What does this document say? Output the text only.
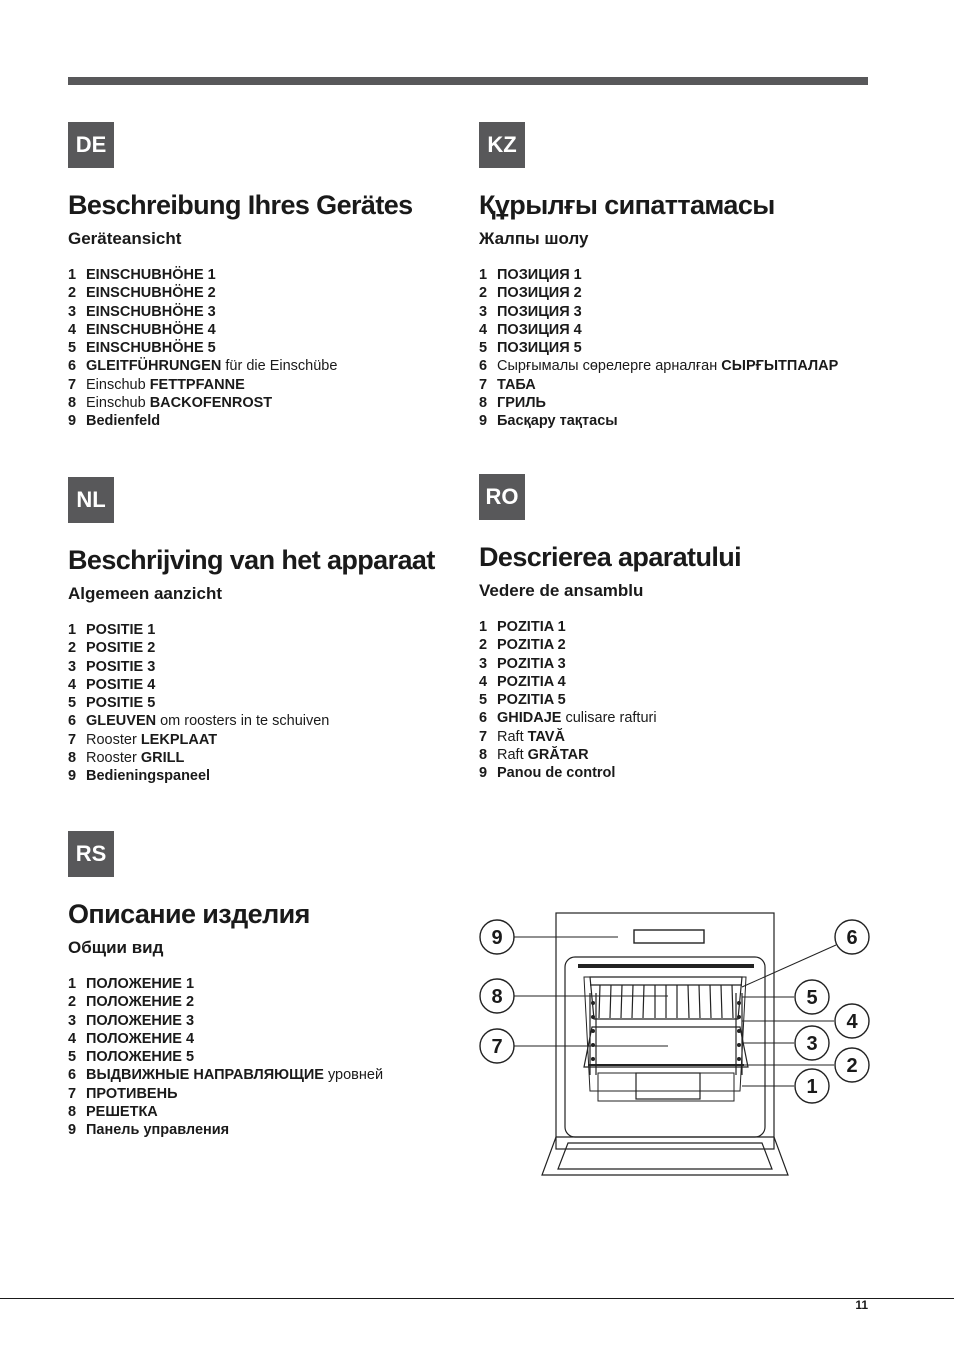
DE
Beschreibung Ihres Gerätes
Geräteansicht
1 EINSCHUBHÖHE 1
2 EINSCHUBHÖHE 2
3 EINSCHUBHÖHE 3
4 EINSCHUBHÖHE 4
5 EINSCHUBHÖHE 5
6 GLEITFÜHRUNGEN für die Einschübe
7 Einschub FETTPFANNE
8 Einschub BACKOFENROST
9 Bedienfeld
KZ
Құрылғы сипаттамасы
Жалпы шолу
1 ПОЗИЦИЯ 1
2 ПОЗИЦИЯ 2
3 ПОЗИЦИЯ 3
4 ПОЗИЦИЯ 4
5 ПОЗИЦИЯ 5
6 Сырғымалы сөрелерге арналған СЫРҒЫТПАЛАР
7 ТАБА
8 ГРИЛЬ
9 Басқару тақтасы
NL
Beschrijving van het apparaat
Algemeen aanzicht
1 POSITIE 1
2 POSITIE 2
3 POSITIE 3
4 POSITIE 4
5 POSITIE 5
6 GLEUVEN om roosters in te schuiven
7 Rooster LEKPLAAT
8 Rooster GRILL
9 Bedieningspaneel
RO
Descrierea aparatului
Vedere de ansamblu
1 POZITIA 1
2 POZITIA 2
3 POZITIA 3
4 POZITIA 4
5 POZITIA 5
6 GHIDAJE culisare rafturi
7 Raft TAVĂ
8 Raft GRĂTAR
9 Panou de control
RS
Описание изделия
Общии вид
1 ПОЛОЖЕНИЕ 1
2 ПОЛОЖЕНИЕ 2
3 ПОЛОЖЕНИЕ 3
4 ПОЛОЖЕНИЕ 4
5 ПОЛОЖЕНИЕ 5
6 ВЫДВИЖНЫЕ НАПРАВЛЯЮЩИЕ уровней
7 ПРОТИВЕНЬ
8 РЕШЕТКА
9 Панель управления
9
8
7
6
5
4
3
2
1
11
